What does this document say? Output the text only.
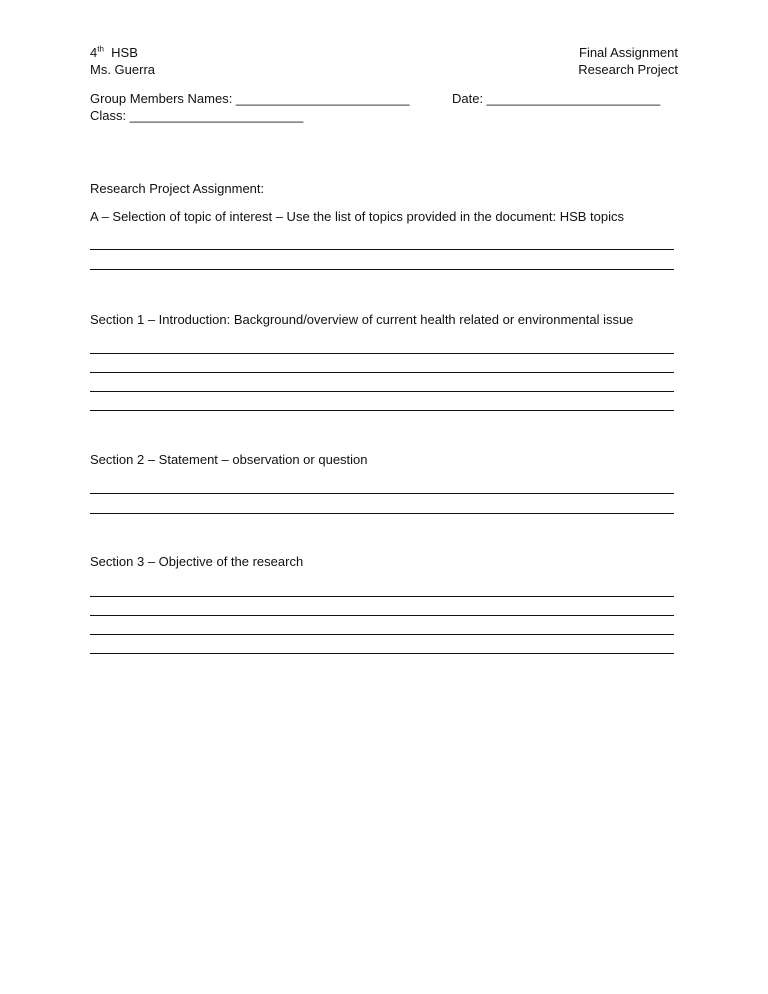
4th HSB
Ms. Guerra
Final Assignment
Research Project
Group Members Names: ________________________	Date: ________________________
Class: ________________________
Research Project Assignment:
A – Selection of topic of interest – Use the list of topics provided in the document: HSB topics
Section 1 – Introduction: Background/overview of current health related or environmental issue
Section 2 – Statement – observation or question
Section 3 – Objective of the research
